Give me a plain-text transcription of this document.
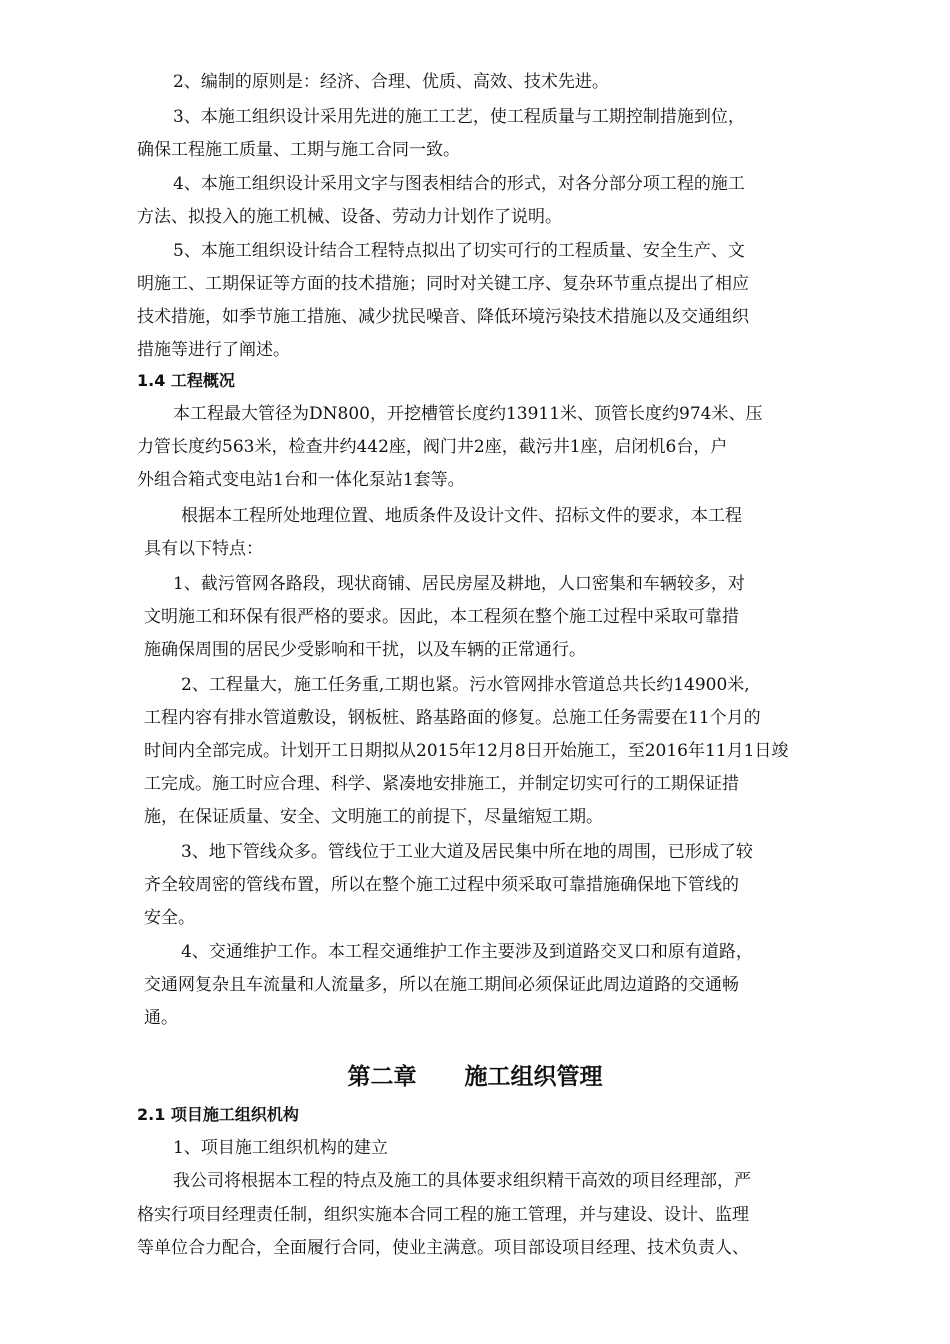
2、编制的原则是：经济、合理、优质、高效、技术先进。
3、本施工组织设计采用先进的施工工艺，使工程质量与工期控制措施到位，
确保工程施工质量、工期与施工合同一致。
4、本施工组织设计采用文字与图表相结合的形式，对各分部分项工程的施工
方法、拟投入的施工机械、设备、劳动力计划作了说明。
5、本施工组织设计结合工程特点拟出了切实可行的工程质量、安全生产、文
明施工、工期保证等方面的技术措施；同时对关键工序、复杂环节重点提出了相应
技术措施，如季节施工措施、减少扰民噪音、降低环境污染技术措施以及交通组织
措施等进行了阐述。
1.4 工程概况
本工程最大管径为DN800，开挖槽管长度约13911米、顶管长度约974米、压
力管长度约563米，检查井约442座，阀门井2座，截污井1座，启闭机6台，户
外组合箱式变电站1台和一体化泵站1套等。
根据本工程所处地理位置、地质条件及设计文件、招标文件的要求，本工程
具有以下特点：
1、截污管网各路段，现状商铺、居民房屋及耕地，人口密集和车辆较多，对
文明施工和环保有很严格的要求。因此，本工程须在整个施工过程中采取可靠措
施确保周围的居民少受影响和干扰，以及车辆的正常通行。
2、工程量大，施工任务重,工期也紧。污水管网排水管道总共长约14900米,
工程内容有排水管道敷设，钢板桩、路基路面的修复。总施工任务需要在11个月的
时间内全部完成。计划开工日期拟从2015年12月8日开始施工，至2016年11月1日竣
工完成。施工时应合理、科学、紧凑地安排施工，并制定切实可行的工期保证措
施，在保证质量、安全、文明施工的前提下，尽量缩短工期。
3、地下管线众多。管线位于工业大道及居民集中所在地的周围，已形成了较
齐全较周密的管线布置，所以在整个施工过程中须采取可靠措施确保地下管线的
安全。
4、交通维护工作。本工程交通维护工作主要涉及到道路交叉口和原有道路，
交通网复杂且车流量和人流量多，所以在施工期间必须保证此周边道路的交通畅
通。
第二章      施工组织管理
2.1 项目施工组织机构
1、项目施工组织机构的建立
我公司将根据本工程的特点及施工的具体要求组织精干高效的项目经理部，严
格实行项目经理责任制，组织实施本合同工程的施工管理，并与建设、设计、监理
等单位合力配合，全面履行合同，使业主满意。项目部设项目经理、技术负责人、
